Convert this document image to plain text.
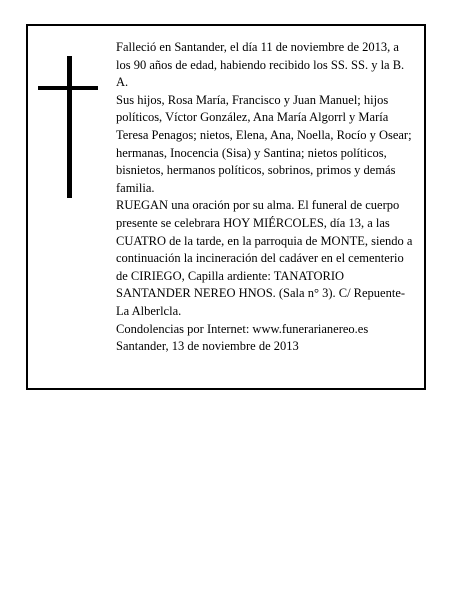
Falleció en Santander, el día 11 de noviembre de 2013, a los 90 años de edad, habiendo recibido los SS. SS. y la B. A.

Sus hijos, Rosa María, Francisco y Juan Manuel; hijos políticos, Víctor González, Ana María Algorrl y María Teresa Penagos; nietos, Elena, Ana, Noella, Rocío y Osear; hermanas, Inocencia (Sisa) y Santina; nietos políticos, bisnietos, hermanos políticos, sobrinos, primos y demás familia.

RUEGAN una oración por su alma. El funeral de cuerpo presente se celebrara HOY MIÉRCOLES, día 13, a las CUATRO de la tarde, en la parroquia de MONTE, siendo a continuación la incineración del cadáver en el cementerio de CIRIEGO, Capilla ardiente: TANATORIO SANTANDER NEREO HNOS. (Sala n° 3). C/ Repuente- La Alberlcla.

Condolencias por Internet: www.funerarianereo.es

Santander, 13 de noviembre de 2013
